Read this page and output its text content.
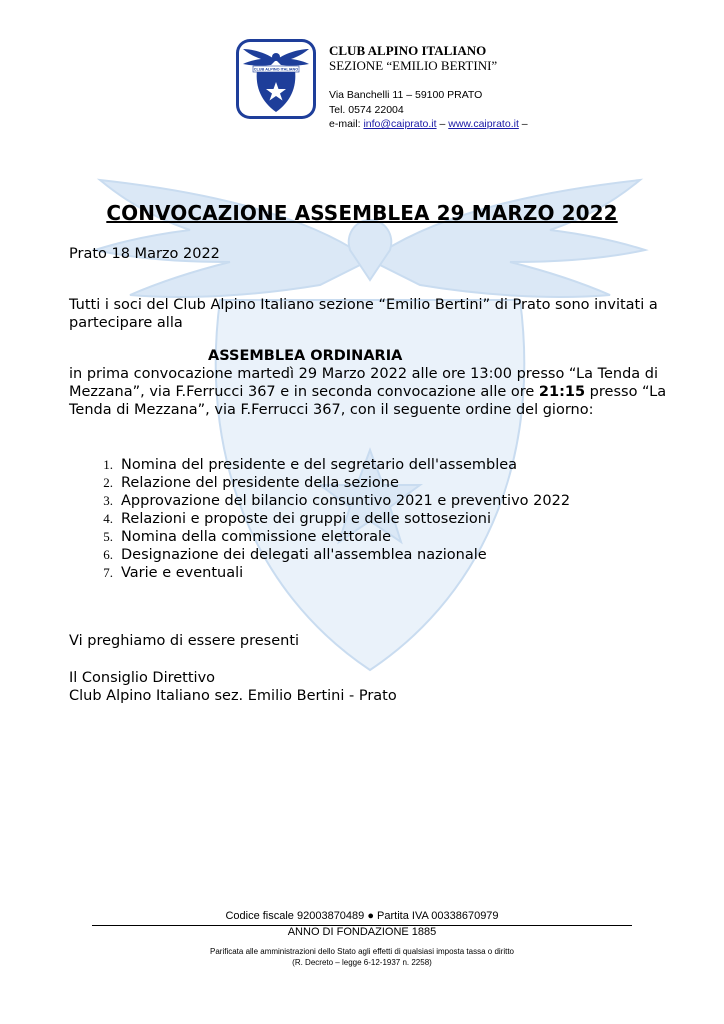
CLUB ALPINO ITALIANO
CLUB ALPINO ITALIANO
SEZIONE “EMILIO BERTINI”
Via Banchelli 11 – 59100 PRATO
Tel. 0574 22004
e-mail: info@caiprato.it – www.caiprato.it –
CONVOCAZIONE ASSEMBLEA 29 MARZO 2022
Prato 18 Marzo 2022
Tutti i soci del Club Alpino Italiano sezione “Emilio Bertini” di Prato sono invitati a partecipare alla
ASSEMBLEA ORDINARIA
in prima convocazione martedì 29 Marzo 2022 alle ore 13:00 presso “La Tenda di Mezzana”, via F.Ferrucci 367 e in seconda convocazione alle ore 21:15 presso “La Tenda di Mezzana”, via F.Ferrucci 367, con il seguente ordine del giorno:
1. Nomina del presidente e del segretario dell'assemblea
2. Relazione del presidente della sezione
3. Approvazione del bilancio consuntivo 2021 e preventivo 2022
4. Relazioni e proposte dei gruppi e delle sottosezioni
5. Nomina della commissione elettorale
6. Designazione dei delegati all'assemblea nazionale
7. Varie e eventuali
Vi preghiamo di essere presenti
Il Consiglio Direttivo
Club Alpino Italiano sez. Emilio Bertini - Prato
Codice fiscale 92003870489 ● Partita IVA 00338670979
ANNO DI FONDAZIONE 1885
Parificata alle amministrazioni dello Stato agli effetti di qualsiasi imposta tassa o diritto
(R. Decreto – legge 6-12-1937 n. 2258)
